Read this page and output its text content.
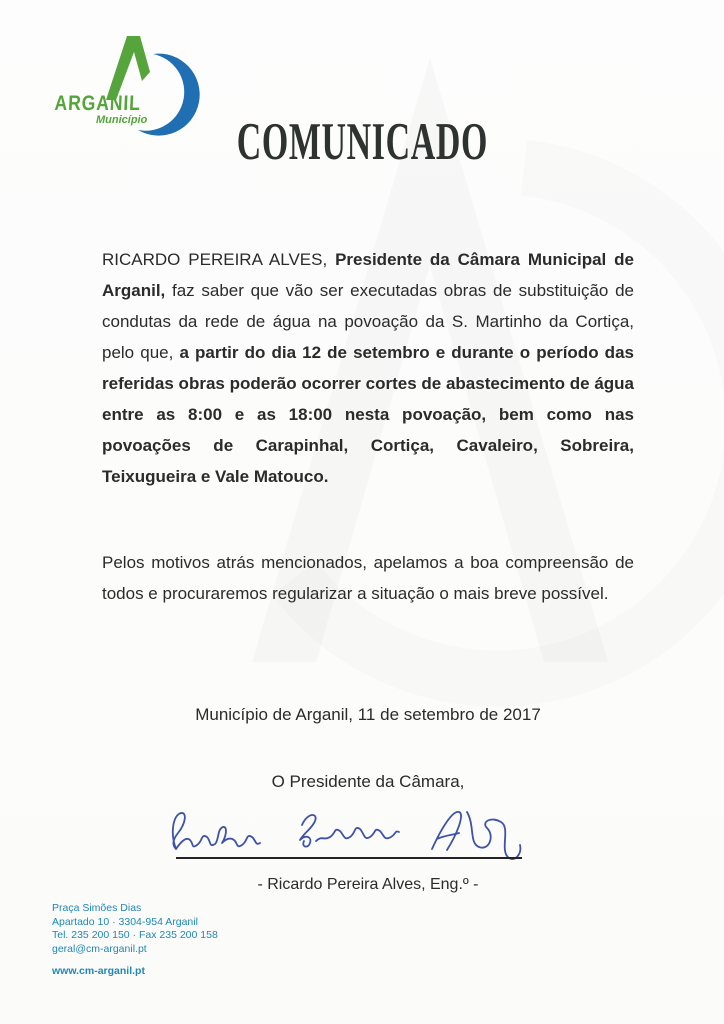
ARGANIL
Município	COMUNICADO

RICARDO PEREIRA ALVES, Presidente da Câmara Municipal de Arganil, faz saber que vão ser executadas obras de substituição de condutas da rede de água na povoação da S. Martinho da Cortiça, pelo que, a partir do dia 12 de setembro e durante o período das referidas obras poderão ocorrer cortes de abastecimento de água entre as 8:00 e as 18:00 nesta povoação, bem como nas povoações de Carapinhal, Cortiça, Cavaleiro, Sobreira, Teixugueira e Vale Matouco.

Pelos motivos atrás mencionados, apelamos a boa compreensão de todos e procuraremos regularizar a situação o mais breve possível.

Município de Arganil, 11 de setembro de 2017
O Presidente da Câmara,
- Ricardo Pereira Alves, Eng.º -
Praça Simões Dias
Apartado 10 · 3304-954 Arganil
Tel. 235 200 150 · Fax 235 200 158
geral@cm-arganil.pt
www.cm-arganil.pt
